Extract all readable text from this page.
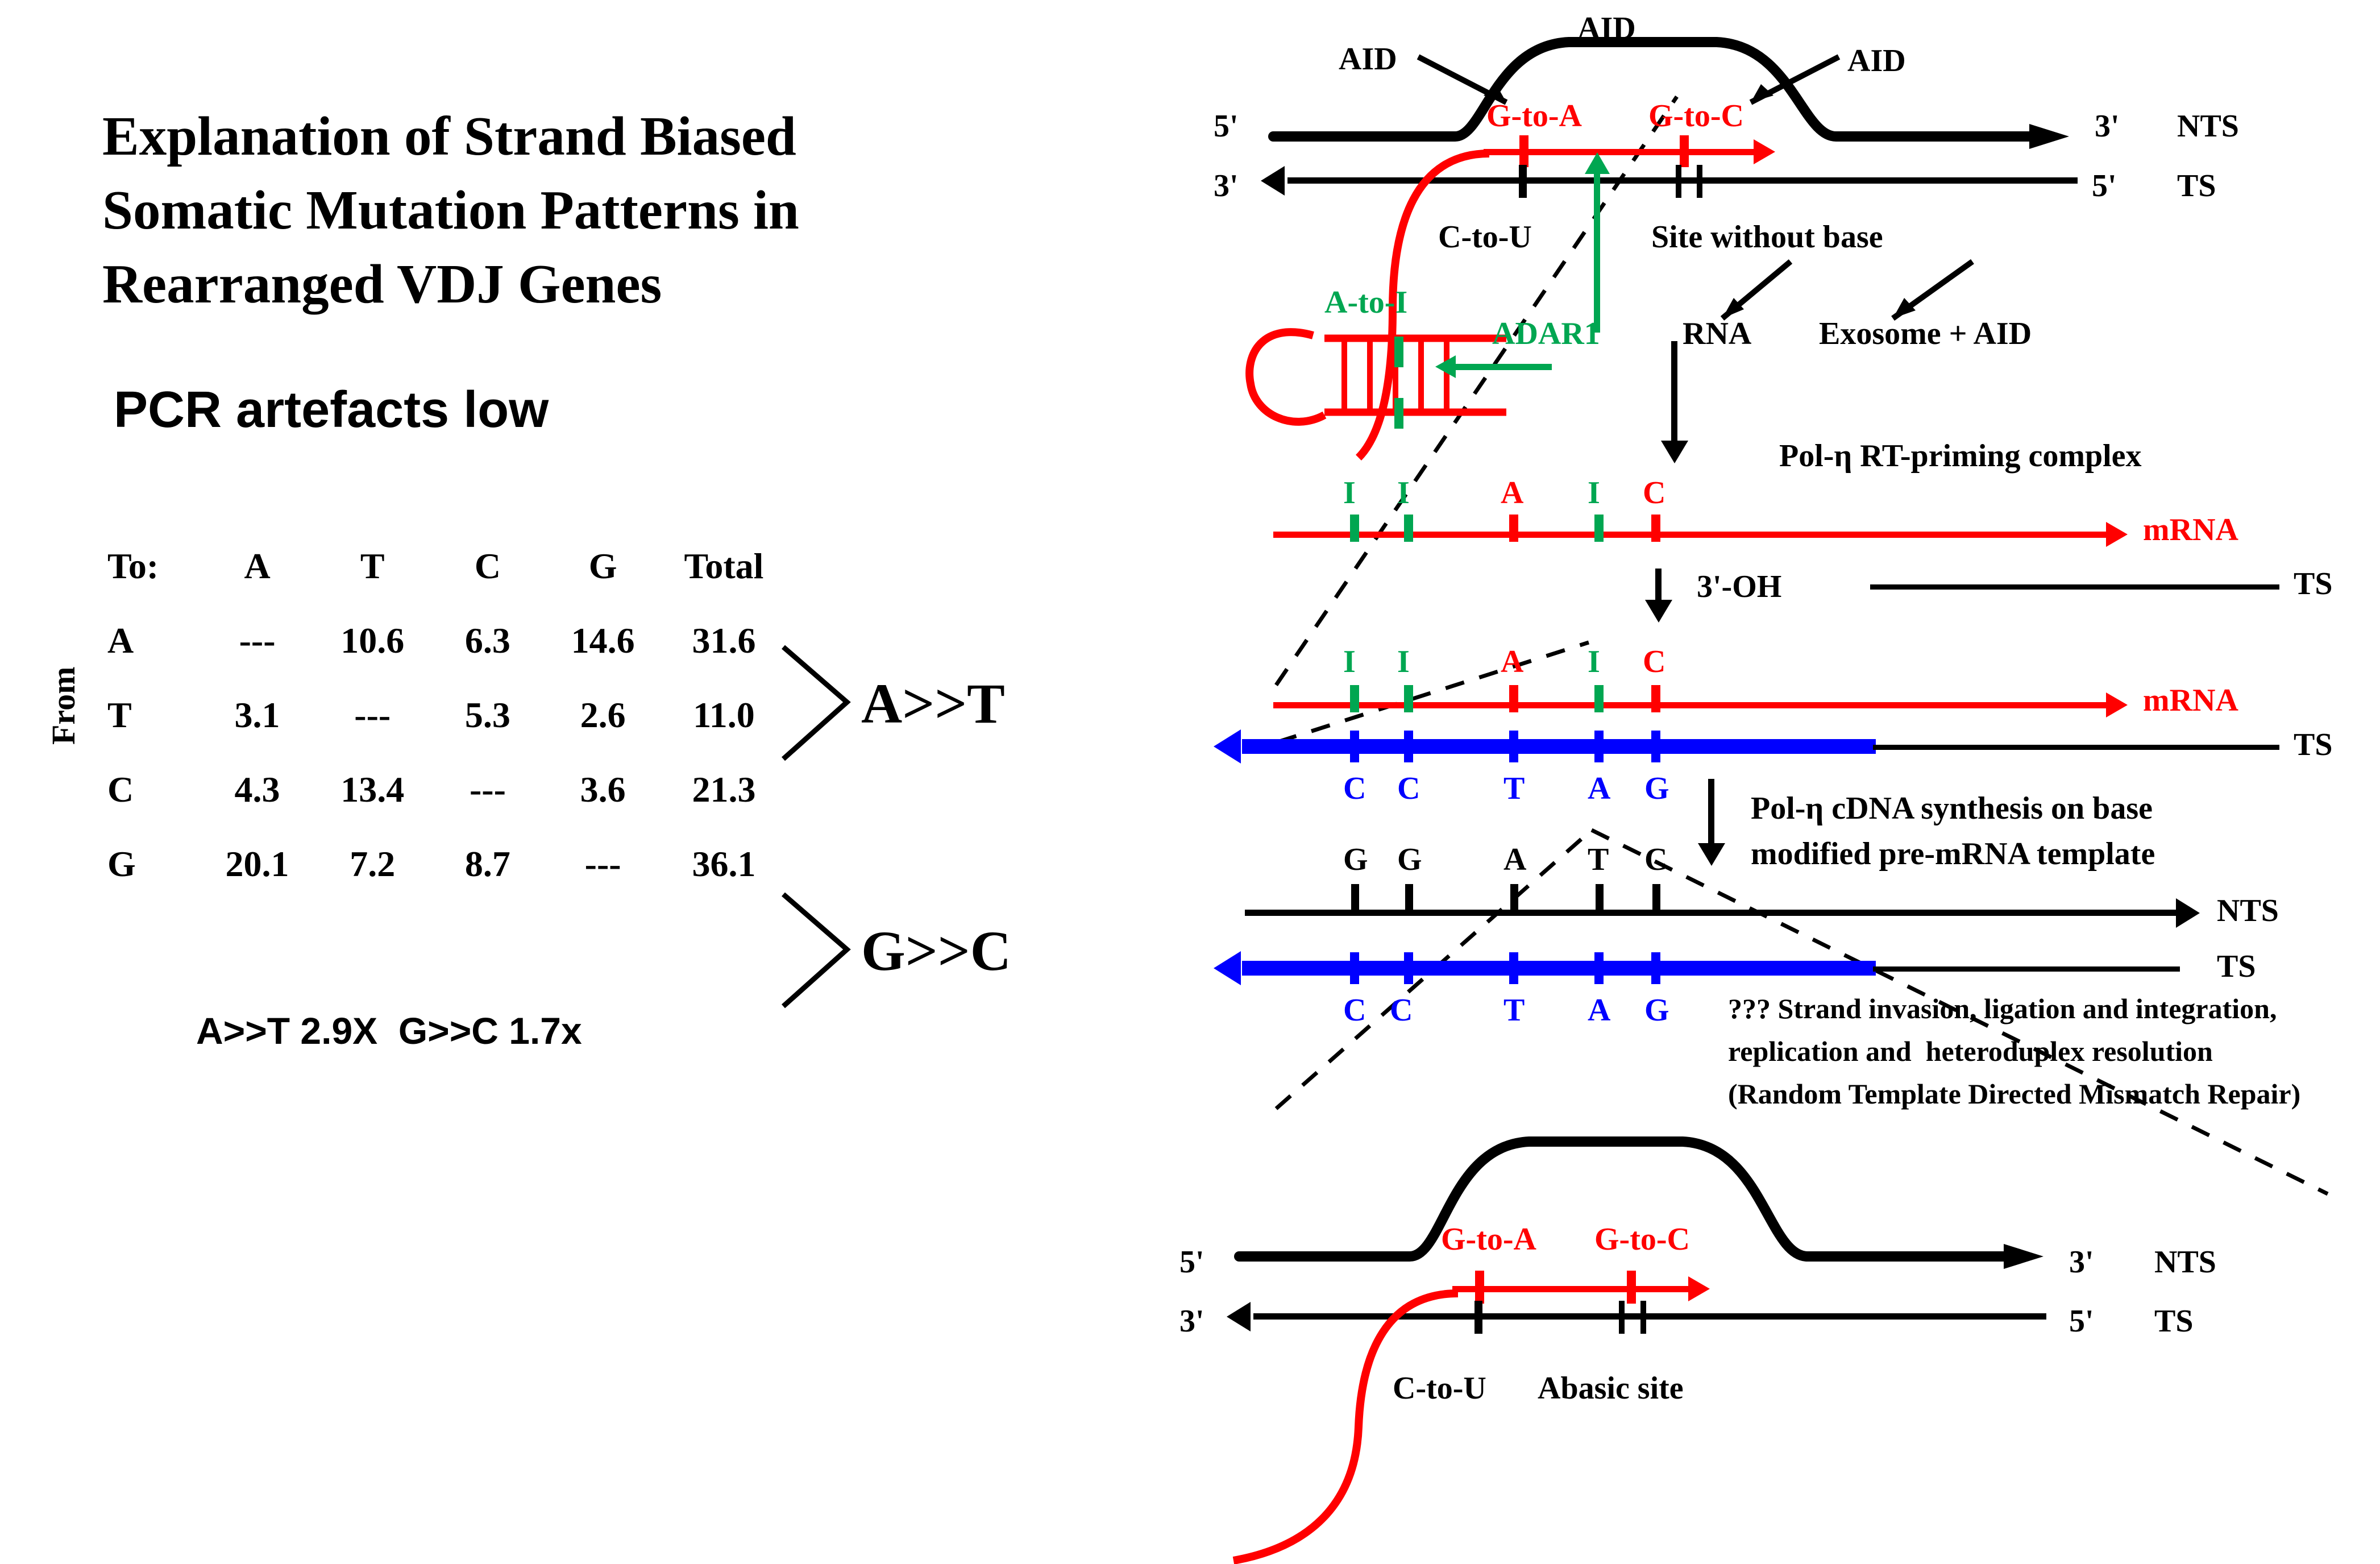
Explanation of Strand Biased Somatic Mutation Patterns in Rearranged VDJ Genes
PCR artefacts low
From
To:	A	T	C	G	Total
A	---	10.6	6.3	14.6	31.6
T	3.1	---	5.3	2.6	11.0
C	4.3	13.4	---	3.6	21.3
G	20.1	7.2	8.7	---	36.1
A>>T 2.9X  G>>C 1.7x
A>>T
G>>C
AID
AID
AID
5'	3' NTS
3'	5' TS
G-to-A G-to-C
C-to-U	Site without base
RNA Exosome + AID
A-to-I
ADAR1
Pol-η RT-priming complex
mRNA
I I	A I C
3'-OH	TS
mRNA
I I	A I C
TS
C C	T A G
Pol-η cDNA synthesis on base
modified pre-mRNA template
G G	A T C
NTS
TS
C C	T A G ??? Strand invasion, ligation and integration,
replication and  heteroduplex resolution
(Random Template Directed Mismatch Repair)
5'	3' NTS
3'	5' TS
G-to-A G-to-C
C-to-U Abasic site
